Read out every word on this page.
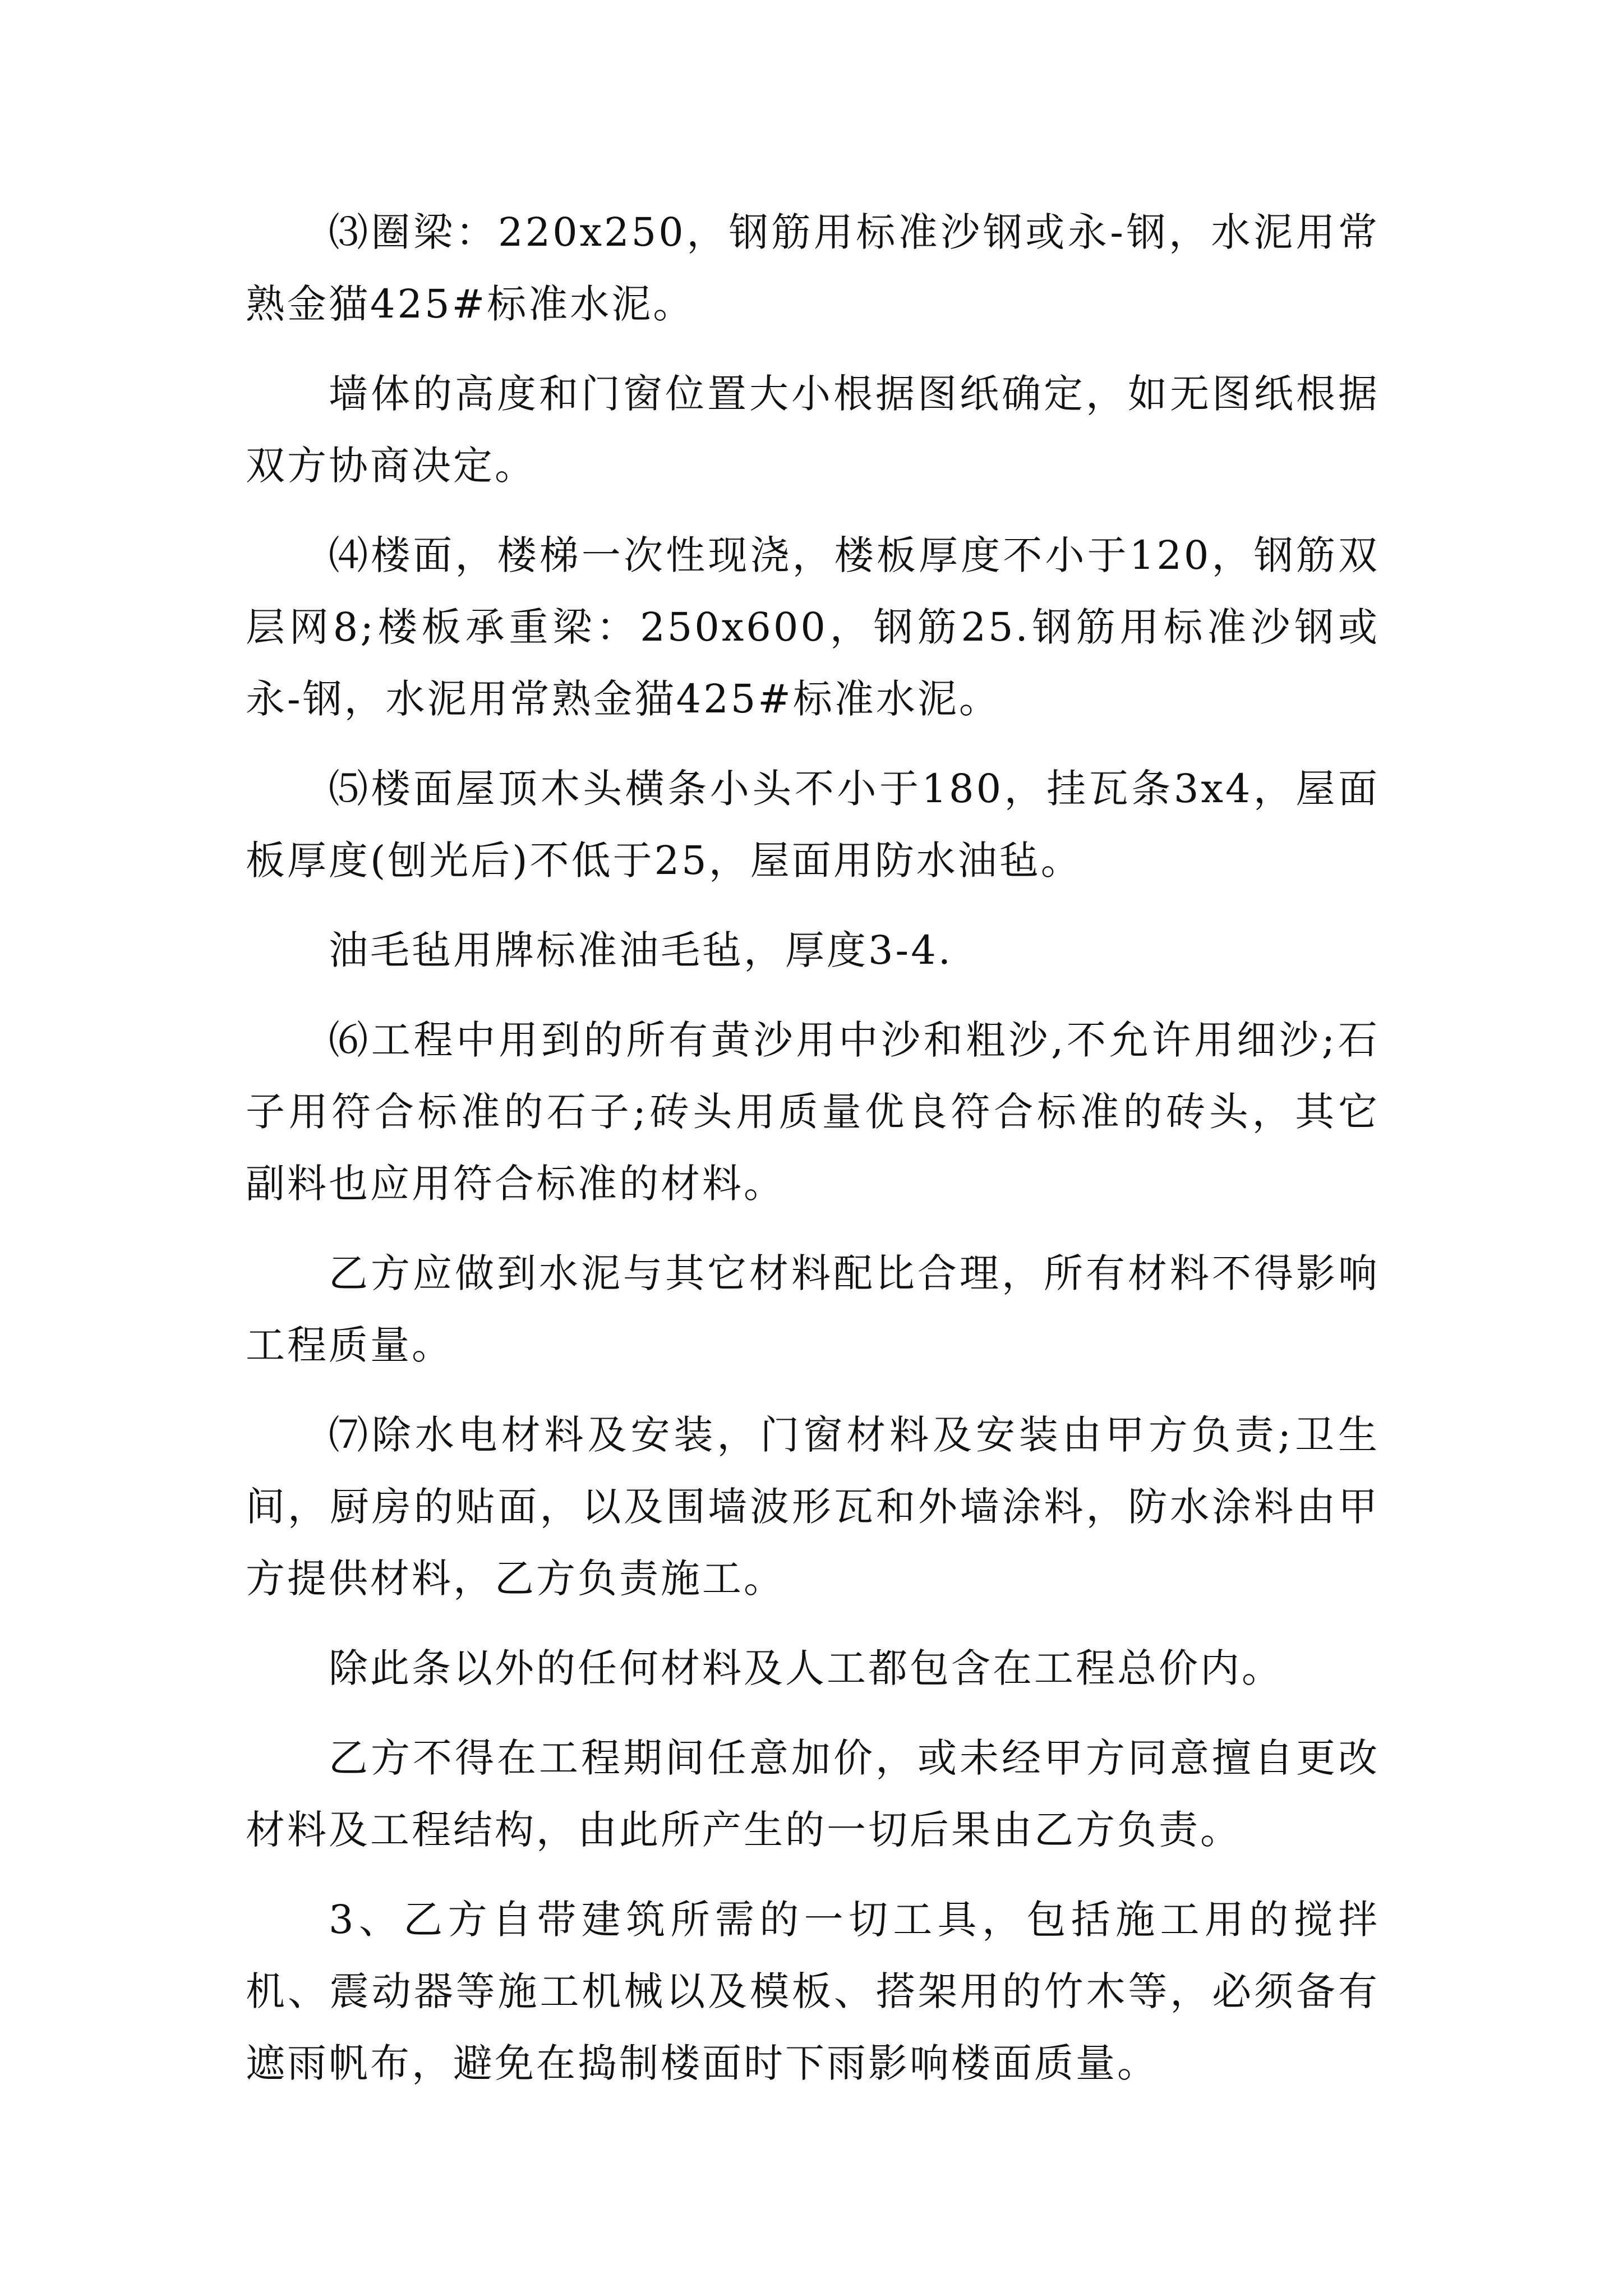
⑶圈梁：220x250，钢筋用标准沙钢或永-钢，水泥用常熟金猫425#标准水泥。

墙体的高度和门窗位置大小根据图纸确定，如无图纸根据双方协商决定。

⑷楼面，楼梯一次性现浇，楼板厚度不小于120，钢筋双层网8;楼板承重梁：250x600，钢筋25.钢筋用标准沙钢或永-钢，水泥用常熟金猫425#标准水泥。

⑸楼面屋顶木头横条小头不小于180，挂瓦条3x4，屋面板厚度(刨光后)不低于25，屋面用防水油毡。

油毛毡用牌标准油毛毡，厚度3-4.

⑹工程中用到的所有黄沙用中沙和粗沙,不允许用细沙;石子用符合标准的石子;砖头用质量优良符合标准的砖头，其它副料也应用符合标准的材料。

乙方应做到水泥与其它材料配比合理，所有材料不得影响工程质量。

⑺除水电材料及安装，门窗材料及安装由甲方负责;卫生间，厨房的贴面，以及围墙波形瓦和外墙涂料，防水涂料由甲方提供材料，乙方负责施工。

除此条以外的任何材料及人工都包含在工程总价内。

乙方不得在工程期间任意加价，或未经甲方同意擅自更改材料及工程结构，由此所产生的一切后果由乙方负责。

3、乙方自带建筑所需的一切工具，包括施工用的搅拌机、震动器等施工机械以及模板、搭架用的竹木等，必须备有遮雨帆布，避免在捣制楼面时下雨影响楼面质量。
